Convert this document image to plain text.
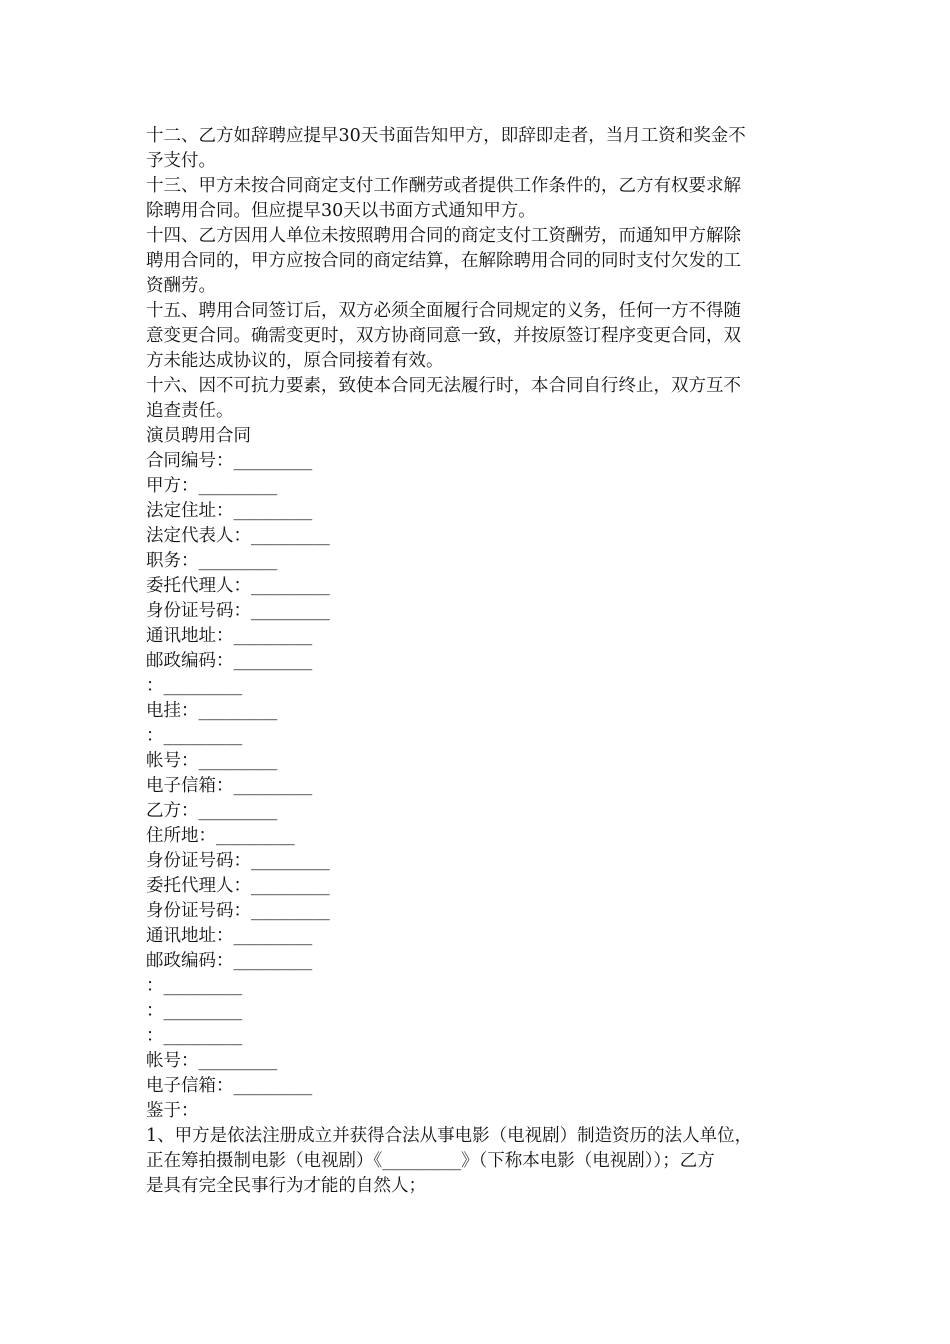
十二、乙方如辞聘应提早30天书面告知甲方，即辞即走者，当月工资和奖金不
予支付。
十三、甲方未按合同商定支付工作酬劳或者提供工作条件的，乙方有权要求解
除聘用合同。但应提早30天以书面方式通知甲方。
十四、乙方因用人单位未按照聘用合同的商定支付工资酬劳，而通知甲方解除
聘用合同的，甲方应按合同的商定结算，在解除聘用合同的同时支付欠发的工
资酬劳。
十五、聘用合同签订后，双方必须全面履行合同规定的义务，任何一方不得随
意变更合同。确需变更时，双方协商同意一致，并按原签订程序变更合同，双
方未能达成协议的，原合同接着有效。
十六、因不可抗力要素，致使本合同无法履行时，本合同自行终止，双方互不
追查责任。
演员聘用合同
合同编号：_________
甲方：_________
法定住址：_________
法定代表人：_________
职务：_________
委托代理人：_________
身份证号码：_________
通讯地址：_________
邮政编码：_________
：_________
电挂：_________
：_________
帐号：_________
电子信箱：_________
乙方：_________
住所地：_________
身份证号码：_________
委托代理人：_________
身份证号码：_________
通讯地址：_________
邮政编码：_________
：_________
：_________
：_________
帐号：_________
电子信箱：_________
鉴于：
1、甲方是依法注册成立并获得合法从事电影（电视剧）制造资历的法人单位，
正在筹拍摄制电影（电视剧）《_________》（下称本电影（电视剧））；乙方
是具有完全民事行为才能的自然人；
